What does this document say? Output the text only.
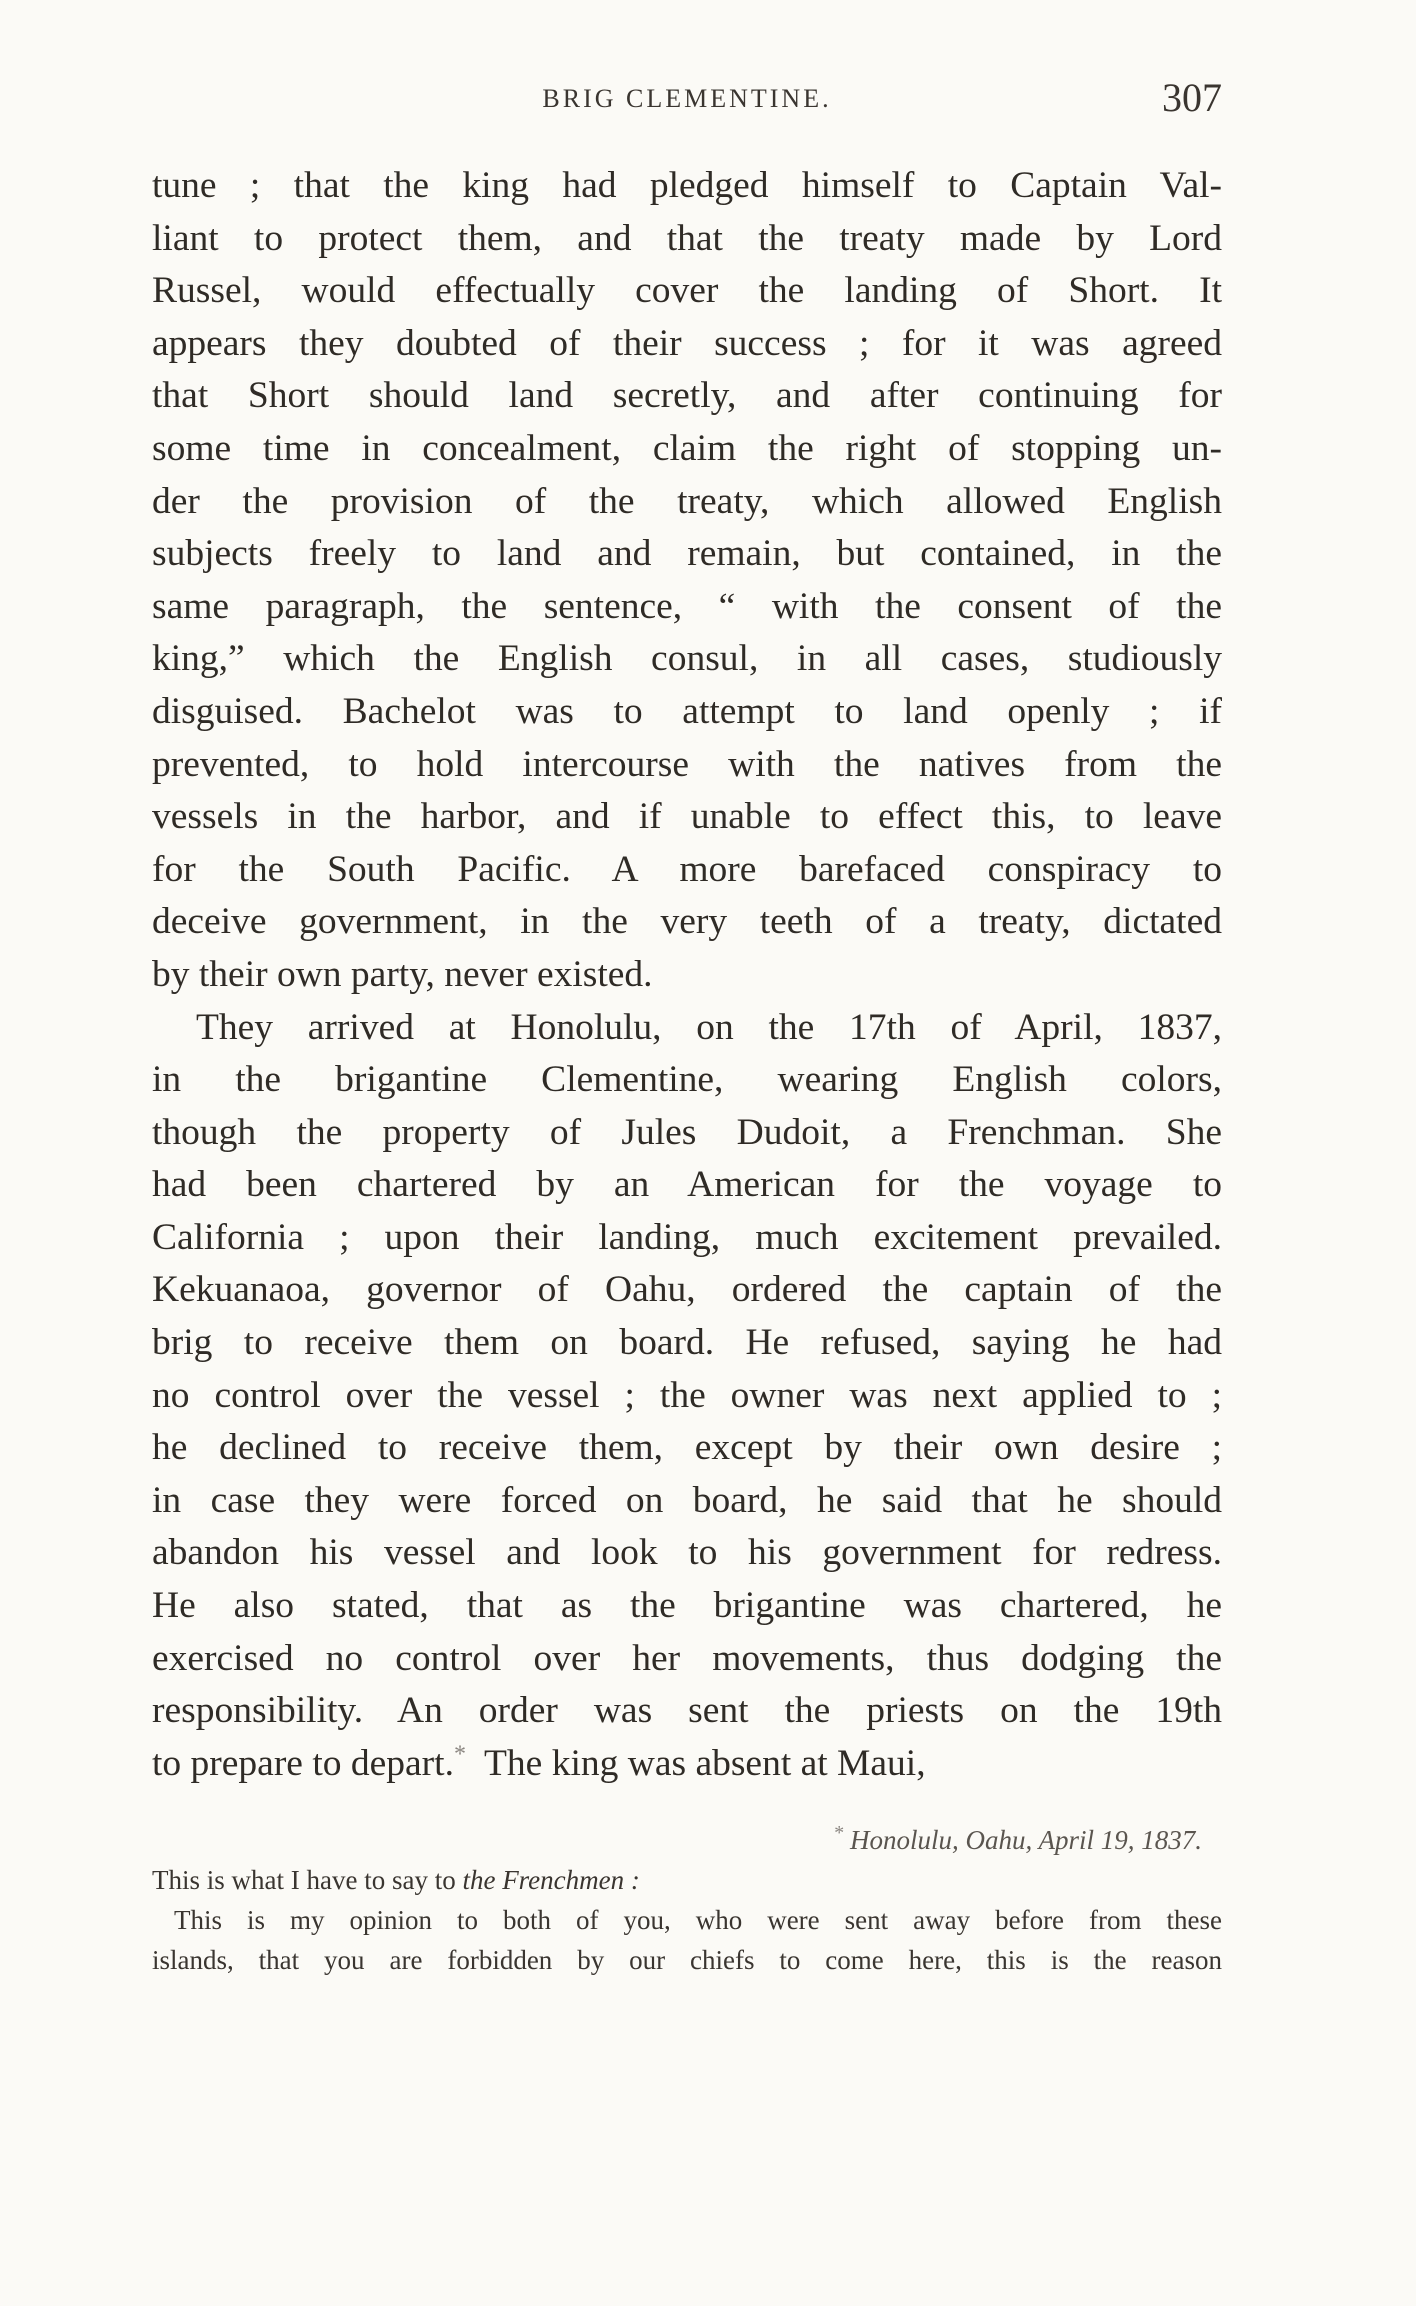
BRIG CLEMENTINE.	307
tune ; that the king had pledged himself to Captain Val-
liant to protect them, and that the treaty made by Lord
Russel, would effectually cover the landing of Short. It
appears they doubted of their success ; for it was agreed
that Short should land secretly, and after continuing for
some time in concealment, claim the right of stopping un-
der the provision of the treaty, which allowed English
subjects freely to land and remain, but contained, in the
same paragraph, the sentence, “ with the consent of the
king,” which the English consul, in all cases, studiously
disguised. Bachelot was to attempt to land openly ; if
prevented, to hold intercourse with the natives from the
vessels in the harbor, and if unable to effect this, to leave
for the South Pacific. A more barefaced conspiracy to
deceive government, in the very teeth of a treaty, dictated
by their own party, never existed.
They arrived at Honolulu, on the 17th of April, 1837,
in the brigantine Clementine, wearing English colors,
though the property of Jules Dudoit, a Frenchman. She
had been chartered by an American for the voyage to
California ; upon their landing, much excitement prevailed.
Kekuanaoa, governor of Oahu, ordered the captain of the
brig to receive them on board. He refused, saying he had
no control over the vessel ; the owner was next applied to ;
he declined to receive them, except by their own desire ;
in case they were forced on board, he said that he should
abandon his vessel and look to his government for redress.
He also stated, that as the brigantine was chartered, he
exercised no control over her movements, thus dodging the
responsibility. An order was sent the priests on the 19th
to prepare to depart.*  The king was absent at Maui,
* Honolulu, Oahu, April 19, 1837.
This is what I have to say to the Frenchmen :
This is my opinion to both of you, who were sent away before from these
islands, that you are forbidden by our chiefs to come here, this is the reason
